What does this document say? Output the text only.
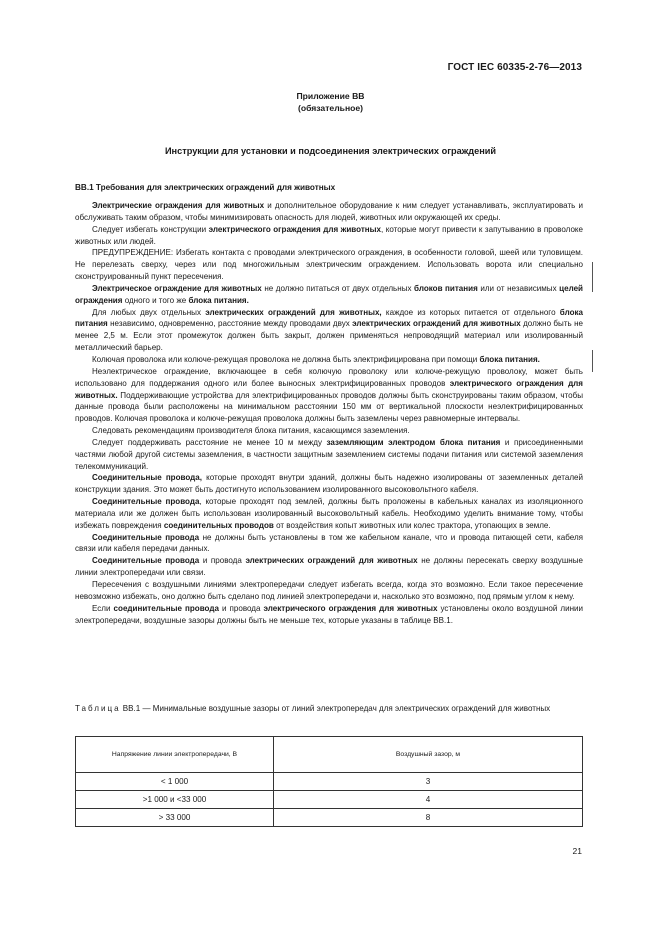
ГОСТ IEC 60335-2-76—2013
Приложение ВВ
(обязательное)
Инструкции для установки и подсоединения электрических ограждений
ВВ.1 Требования для электрических ограждений для животных

Электрические ограждения для животных и дополнительное оборудование к ним следует устанавливать, эксплуатировать и обслуживать таким образом, чтобы минимизировать опасность для людей, животных или окружающей их среды.

Следует избегать конструкции электрического ограждения для животных, которые могут привести к запутыванию в проволоке животных или людей.

ПРЕДУПРЕЖДЕНИЕ: Избегать контакта с проводами электрического ограждения, в особенности головой, шеей или туловищем. Не перелезать сверху, через или под многожильным электрическим ограждением. Использовать ворота или специально сконструированный пункт пересечения.

Электрическое ограждение для животных не должно питаться от двух отдельных блоков питания или от независимых целей ограждения одного и того же блока питания.

Для любых двух отдельных электрических ограждений для животных, каждое из которых питается от отдельного блока питания независимо, одновременно, расстояние между проводами двух электрических ограждений для животных должно быть не менее 2,5 м. Если этот промежуток должен быть закрыт, должен применяться непроводящий материал или изолированный металлический барьер.

Колючая проволока или колюче-режущая проволока не должна быть электрифицирована при помощи блока питания.

Неэлектрическое ограждение, включающее в себя колючую проволоку или колюче-режущую проволоку, может быть использовано для поддержания одного или более выносных электрифицированных проводов электрического ограждения для животных. Поддерживающие устройства для электрифицированных проводов должны быть сконструированы таким образом, чтобы данные провода были расположены на минимальном расстоянии 150 мм от вертикальной плоскости неэлектрифицированных проводов. Колючая проволока и колюче-режущая проволока должны быть заземлены через равномерные интервалы.

Следовать рекомендациям производителя блока питания, касающимся заземления.

Следует поддерживать расстояние не менее 10 м между заземляющим электродом блока питания и присоединенными частями любой другой системы заземления, в частности защитным заземлением системы подачи питания или системой заземления телекоммуникаций.

Соединительные провода, которые проходят внутри зданий, должны быть надежно изолированы от заземленных деталей конструкции здания. Это может быть достигнуто использованием изолированного высоковольтного кабеля.

Соединительные провода, которые проходят под землей, должны быть проложены в кабельных каналах из изоляционного материала или же должен быть использован изолированный высоковольтный кабель. Необходимо уделить внимание тому, чтобы избежать повреждения соединительных проводов от воздействия копыт животных или колес трактора, утопающих в земле.

Соединительные провода не должны быть установлены в том же кабельном канале, что и провода питающей сети, кабеля связи или кабеля передачи данных.

Соединительные провода и провода электрических ограждений для животных не должны пересекать сверху воздушные линии электропередачи или связи.

Пересечения с воздушными линиями электропередачи следует избегать всегда, когда это возможно. Если такое пересечение невозможно избежать, оно должно быть сделано под линией электропередачи и, насколько это возможно, под прямым углом к нему.

Если соединительные провода и провода электрического ограждения для животных установлены около воздушной линии электропередачи, воздушные зазоры должны быть не меньше тех, которые указаны в таблице ВВ.1.

Таблица ВВ.1 — Минимальные воздушные зазоры от линий электропередач для электрических ограждений для животных
Напряжение линии электропередачи, В	Воздушный зазор, м
< 1 000	3
>1 000 и <33 000	4
> 33 000	8
21
